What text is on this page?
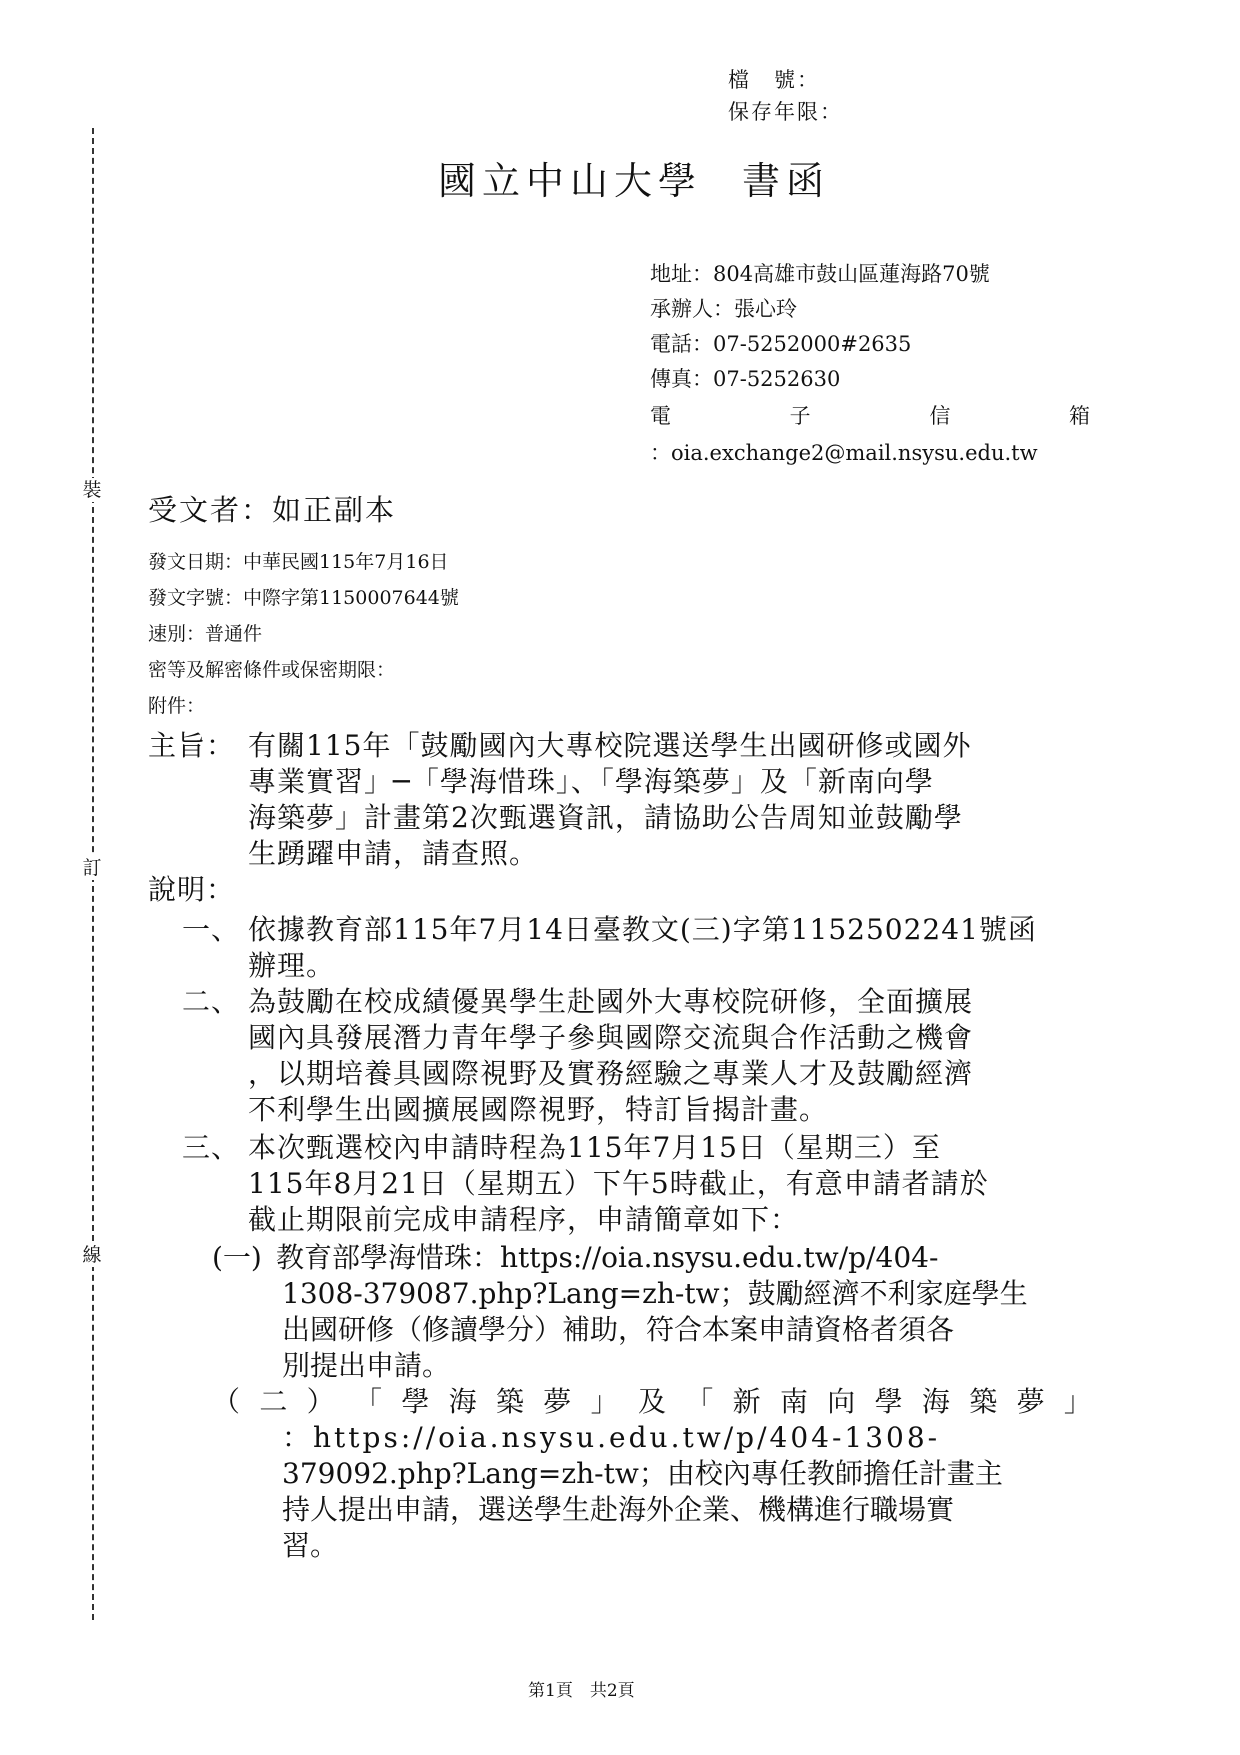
裝
訂
線
檔　號：
保存年限：
國立中山大學 書函
地址：804高雄市鼓山區蓮海路70號
承辦人：張心玲
電話：07-5252000#2635
傳真：07-5252630
電	子	信	箱
：oia.exchange2@mail.nsysu.edu.tw
受文者：如正副本
發文日期：中華民國115年7月16日
發文字號：中際字第1150007644號
速別：普通件
密等及解密條件或保密期限：
附件：
主旨： 有關115年「鼓勵國內大專校院選送學生出國研修或國外
專業實習」─「學海惜珠」、「學海築夢」及「新南向學
海築夢」計畫第2次甄選資訊，請協助公告周知並鼓勵學
生踴躍申請，請查照。
說明：
一、 依據教育部115年7月14日臺教文(三)字第1152502241號函
辦理。
二、 為鼓勵在校成績優異學生赴國外大專校院研修，全面擴展
國內具發展潛力青年學子參與國際交流與合作活動之機會
，以期培養具國際視野及實務經驗之專業人才及鼓勵經濟
不利學生出國擴展國際視野，特訂旨揭計畫。
三、 本次甄選校內申請時程為115年7月15日（星期三）至
115年8月21日（星期五）下午5時截止，有意申請者請於
截止期限前完成申請程序，申請簡章如下：
(一) 教育部學海惜珠：https://oia.nsysu.edu.tw/p/404-
1308-379087.php?Lang=zh-tw；鼓勵經濟不利家庭學生
出國研修（修讀學分）補助，符合本案申請資格者須各
別提出申請。
（ 二 ） 「 學 海 築 夢 」 及 「 新 南 向 學 海 築 夢 」
：https://oia.nsysu.edu.tw/p/404-1308-
379092.php?Lang=zh-tw；由校內專任教師擔任計畫主
持人提出申請，選送學生赴海外企業、機構進行職場實
習。
第1頁　共2頁
